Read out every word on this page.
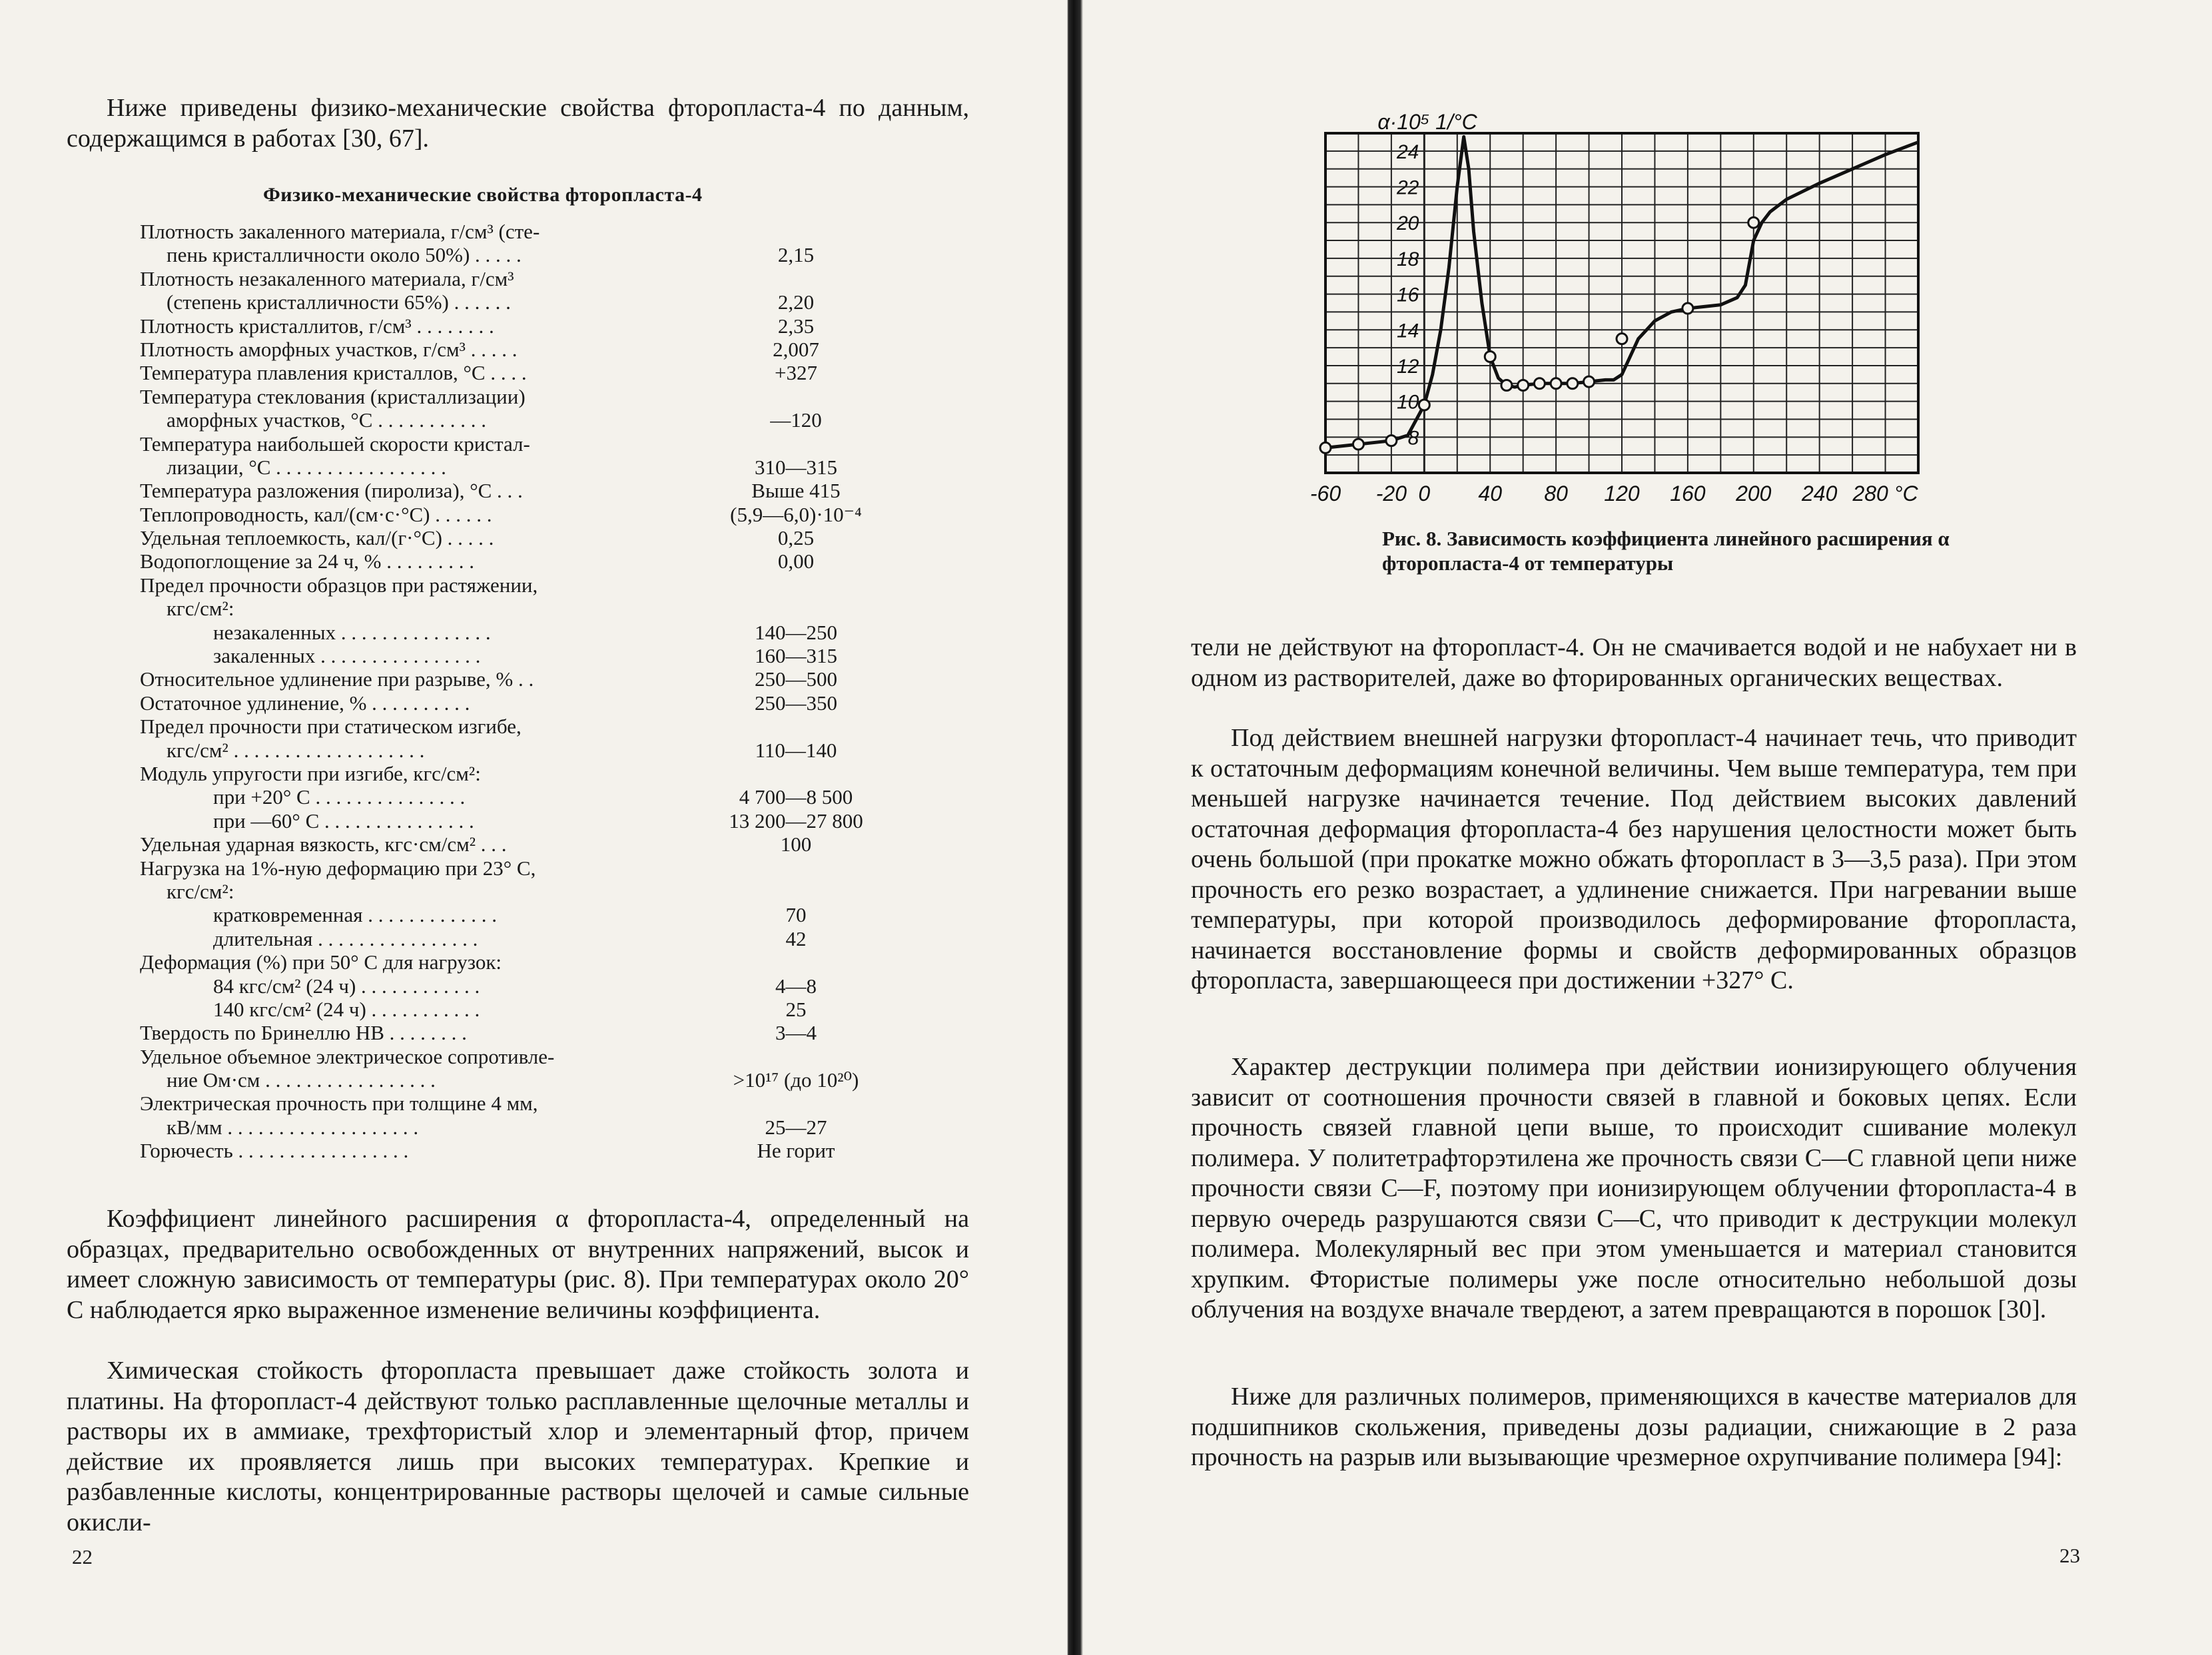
Ниже приведены физико-механические свойства фторопласта-4 по данным, содержащимся в работах [30, 67].

Физико-механические свойства фторопласта-4

Плотность закаленного материала, г/см³ (сте-
пень кристалличности около 50%) . . . . .	2,15
Плотность незакаленного материала, г/см³
(степень кристалличности 65%) . . . . . .	2,20
Плотность кристаллитов, г/см³ . . . . . . . .	2,35
Плотность аморфных участков, г/см³ . . . . .	2,007
Температура плавления кристаллов, °С . . . .	+327
Температура стеклования (кристаллизации)
аморфных участков, °С . . . . . . . . . . .	—120
Температура наибольшей скорости кристал-
лизации, °С . . . . . . . . . . . . . . . . .	310—315
Температура разложения (пиролиза), °С . . .	Выше 415
Теплопроводность, кал/(см·с·°С) . . . . . .	(5,9—6,0)·10⁻⁴
Удельная теплоемкость, кал/(г·°С) . . . . .	0,25
Водопоглощение за 24 ч, % . . . . . . . . .	0,00
Предел прочности образцов при растяжении,
кгс/см²:
незакаленных . . . . . . . . . . . . . . .	140—250
закаленных . . . . . . . . . . . . . . . .	160—315
Относительное удлинение при разрыве, % . .	250—500
Остаточное удлинение, % . . . . . . . . . .	250—350
Предел прочности при статическом изгибе,
кгс/см² . . . . . . . . . . . . . . . . . . .	110—140
Модуль упругости при изгибе, кгс/см²:
при +20° С . . . . . . . . . . . . . . .	4 700—8 500
при —60° С . . . . . . . . . . . . . . .	13 200—27 800
Удельная ударная вязкость, кгс·см/см² . . .	100
Нагрузка на 1%-ную деформацию при 23° С,
кгс/см²:
кратковременная . . . . . . . . . . . . .	70
длительная . . . . . . . . . . . . . . . .	42
Деформация (%) при 50° С для нагрузок:
84 кгс/см² (24 ч) . . . . . . . . . . . .	4—8
140 кгс/см² (24 ч) . . . . . . . . . . .	25
Твердость по Бринеллю HB . . . . . . . .	3—4
Удельное объемное электрическое сопротивле-
ние Ом·см . . . . . . . . . . . . . . . . .	>10¹⁷ (до 10²⁰)
Электрическая прочность при толщине 4 мм,
кВ/мм . . . . . . . . . . . . . . . . . . .	25—27
Горючесть . . . . . . . . . . . . . . . . .	Не горит

Коэффициент линейного расширения α фторопласта-4, определенный на образцах, предварительно освобожденных от внутренних напряжений, высок и имеет сложную зависимость от температуры (рис. 8). При температурах около 20° С наблюдается ярко выраженное изменение величины коэффициента.

Химическая стойкость фторопласта превышает даже стойкость золота и платины. На фторопласт-4 действуют только расплавленные щелочные металлы и растворы их в аммиаке, трехфтористый хлор и элементарный фтор, причем действие их проявляется лишь при высоких температурах. Крепкие и разбавленные кислоты, концентрированные растворы щелочей и самые сильные окисли-

22

8
10
12
14
16
18
20
22
24
α·10⁵ 1/°С
-60 -20 0 40 80 120 160 200 240 280 °С

Рис. 8. Зависимость коэффициента линейного расширения α фторопласта-4 от температуры

тели не действуют на фторопласт-4. Он не смачивается водой и не набухает ни в одном из растворителей, даже во фторированных органических веществах.

Под действием внешней нагрузки фторопласт-4 начинает течь, что приводит к остаточным деформациям конечной величины. Чем выше температура, тем при меньшей нагрузке начинается течение. Под действием высоких давлений остаточная деформация фторопласта-4 без нарушения целостности может быть очень большой (при прокатке можно обжать фторопласт в 3—3,5 раза). При этом прочность его резко возрастает, а удлинение снижается. При нагревании выше температуры, при которой производилось деформирование фторопласта, начинается восстановление формы и свойств деформированных образцов фторопласта, завершающееся при достижении +327° С.

Характер деструкции полимера при действии ионизирующего облучения зависит от соотношения прочности связей в главной и боковых цепях. Если прочность связей главной цепи выше, то происходит сшивание молекул полимера. У политетрафторэтилена же прочность связи С—С главной цепи ниже прочности связи С—F, поэтому при ионизирующем облучении фторопласта-4 в первую очередь разрушаются связи С—С, что приводит к деструкции молекул полимера. Молекулярный вес при этом уменьшается и материал становится хрупким. Фтористые полимеры уже после относительно небольшой дозы облучения на воздухе вначале твердеют, а затем превращаются в порошок [30].

Ниже для различных полимеров, применяющихся в качестве материалов для подшипников скольжения, приведены дозы радиации, снижающие в 2 раза прочность на разрыв или вызывающие чрезмерное охрупчивание полимера [94]:

23
